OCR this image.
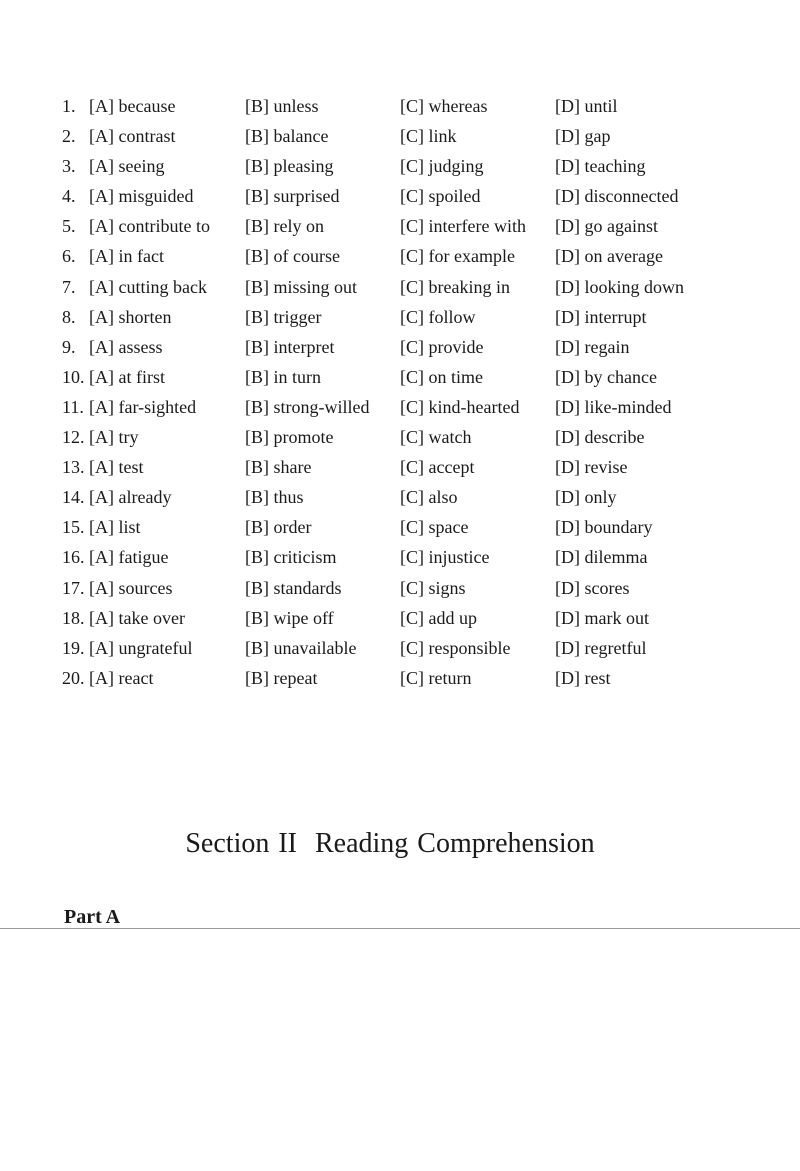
1. [A] because	[B] unless	[C] whereas	[D] until
2. [A] contrast	[B] balance	[C] link	[D] gap
3. [A] seeing	[B] pleasing	[C] judging	[D] teaching
4. [A] misguided	[B] surprised	[C] spoiled	[D] disconnected
5. [A] contribute to [B] rely on	[C] interfere with [D] go against
6. [A] in fact	[B] of course	[C] for example [D] on average
7. [A] cutting back [B] missing out [C] breaking in	[D] looking down
8. [A] shorten	[B] trigger	[C] follow	[D] interrupt
9. [A] assess	[B] interpret	[C] provide	[D] regain
10. [A] at first	[B] in turn	[C] on time	[D] by chance
11. [A] far-sighted	[B] strong-willed [C] kind-hearted [D] like-minded
12. [A] try	[B] promote	[C] watch	[D] describe
13. [A] test	[B] share	[C] accept	[D] revise
14. [A] already	[B] thus	[C] also	[D] only
15. [A] list	[B] order	[C] space	[D] boundary
16. [A] fatigue	[B] criticism	[C] injustice	[D] dilemma
17. [A] sources	[B] standards	[C] signs	[D] scores
18. [A] take over	[B] wipe off	[C] add up	[D] mark out
19. [A] ungrateful	[B] unavailable [C] responsible [D] regretful
20. [A] react	[B] repeat	[C] return	[D] rest
Section II Reading Comprehension
Part A
